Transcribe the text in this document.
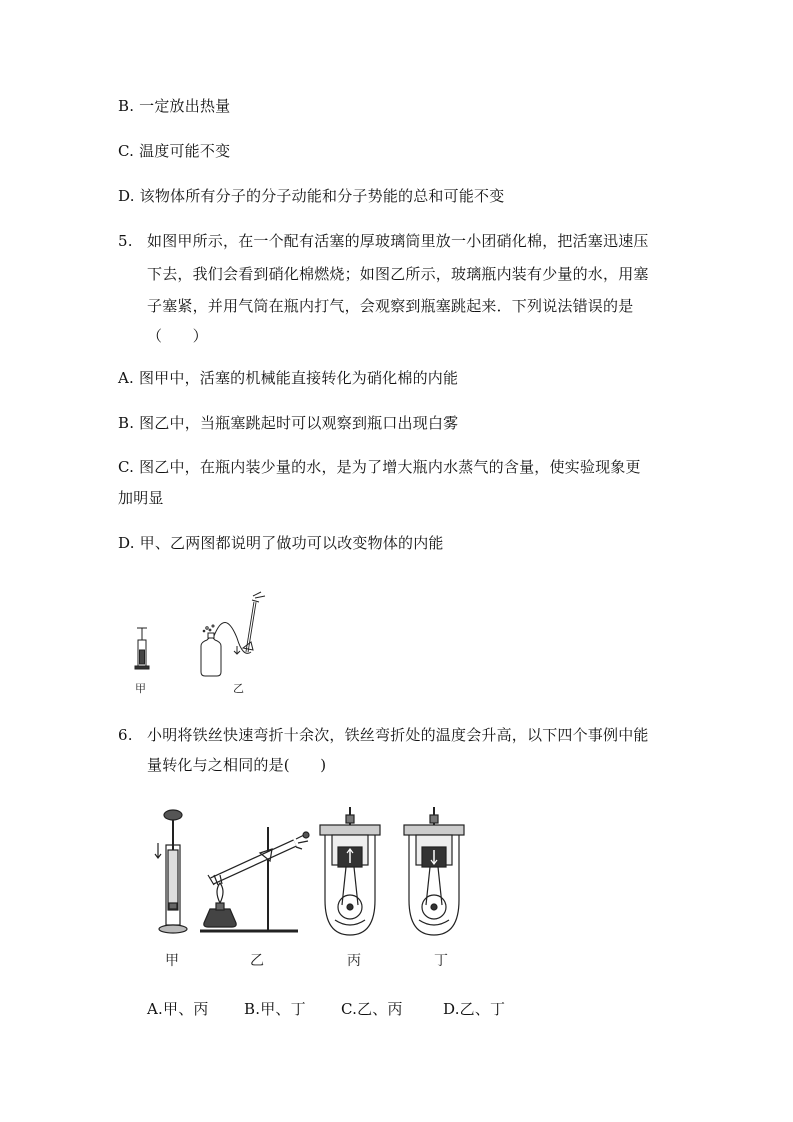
B. 一定放出热量
C. 温度可能不变
D. 该物体所有分子的分子动能和分子势能的总和可能不变
5. 如图甲所示，在一个配有活塞的厚玻璃筒里放一小团硝化棉，把活塞迅速压
下去，我们会看到硝化棉燃烧；如图乙所示，玻璃瓶内装有少量的水，用塞
子塞紧，并用气筒在瓶内打气，会观察到瓶塞跳起来．下列说法错误的是
（　　）
A. 图甲中，活塞的机械能直接转化为硝化棉的内能
B. 图乙中，当瓶塞跳起时可以观察到瓶口出现白雾
C. 图乙中，在瓶内装少量的水，是为了增大瓶内水蒸气的含量，使实验现象更
加明显
D. 甲、乙两图都说明了做功可以改变物体的内能
甲	乙
6. 小明将铁丝快速弯折十余次，铁丝弯折处的温度会升高，以下四个事例中能
量转化与之相同的是(　　)
甲	乙	丙	丁
A.甲、丙 B.甲、丁 C.乙、丙	D.乙、丁
